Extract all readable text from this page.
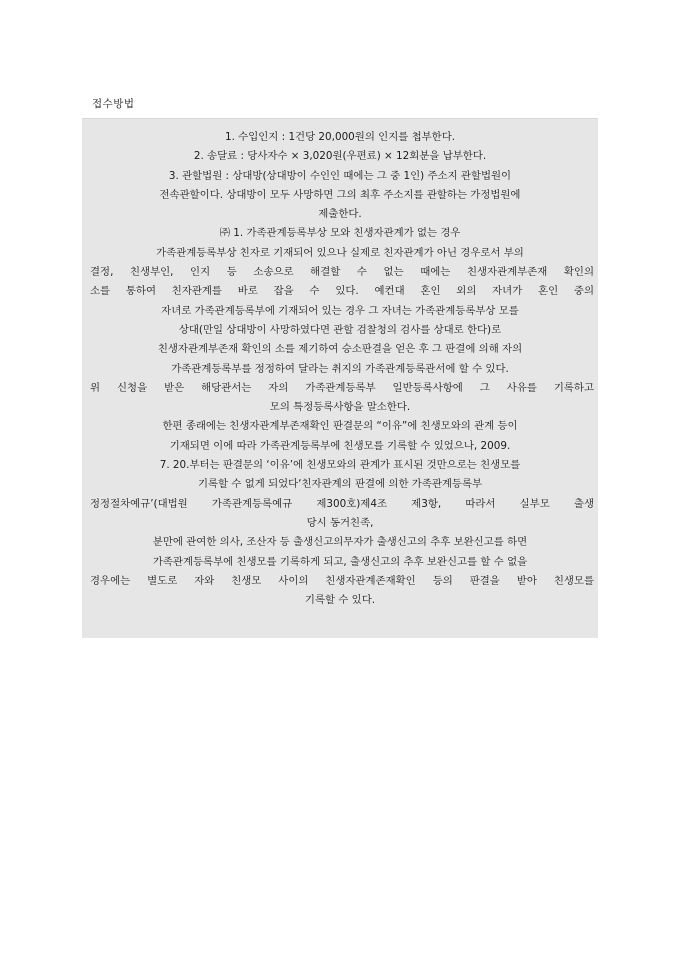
접수방법
1. 수입인지 : 1건당 20,000원의 인지를 첩부한다.
2. 송달료 : 당사자수 × 3,020원(우편료) × 12회분을 납부한다.
3. 관할법원 : 상대방(상대방이 수인인 때에는 그 중 1인) 주소지 관할법원이
전속관할이다. 상대방이 모두 사망하면 그의 최후 주소지를 관할하는 가정법원에
제출한다.
㈜ 1. 가족관계등록부상 모와 친생자관계가 없는 경우
가족관계등록부상 친자로 기재되어 있으나 실제로 친자관계가 아닌 경우로서 부의
결정, 친생부인, 인지 등 소송으로 해결할 수 없는 때에는 친생자관계부존재 확인의
소를 통하여 친자관계를 바로 잡을 수 있다. 예컨대 혼인 외의 자녀가 혼인 중의
자녀로 가족관계등록부에 기재되어 있는 경우 그 자녀는 가족관계등록부상 모를
상대(만일 상대방이 사망하였다면 관할 검찰청의 검사를 상대로 한다)로
친생자관계부존재 확인의 소를 제기하여 승소판결을 얻은 후 그 판결에 의해 자의
가족관계등록부를 정정하여 달라는 취지의 가족관계등록관서에 할 수 있다.
위 신청을 받은 해당관서는 자의 가족관계등록부 일반등록사항에 그 사유를 기록하고
모의 특정등록사항을 말소한다.
한편 종래에는 친생자관계부존재확인 판결문의 “이유”에 친생모와의 관계 등이
기재되면 이에 따라 가족관계등록부에 친생모를 기록할 수 있었으나, 2009.
7. 20.부터는 판결문의 ‘이유’에 친생모와의 관계가 표시된 것만으로는 친생모를
기록할 수 없게 되었다‘친자관계의 판결에 의한 가족관계등록부
정정절차예규’(대법원 가족관계등록예규 제300호)제4조 제3항, 따라서 실부모 출생
당시 동거친족,
분만에 관여한 의사, 조산자 등 출생신고의무자가 출생신고의 추후 보완신고를 하면
가족관계등록부에 친생모를 기록하게 되고, 출생신고의 추후 보완신고를 할 수 없을
경우에는 별도로 자와 친생모 사이의 친생자관계존재확인 등의 판결을 받아 친생모를
기록할 수 있다.
